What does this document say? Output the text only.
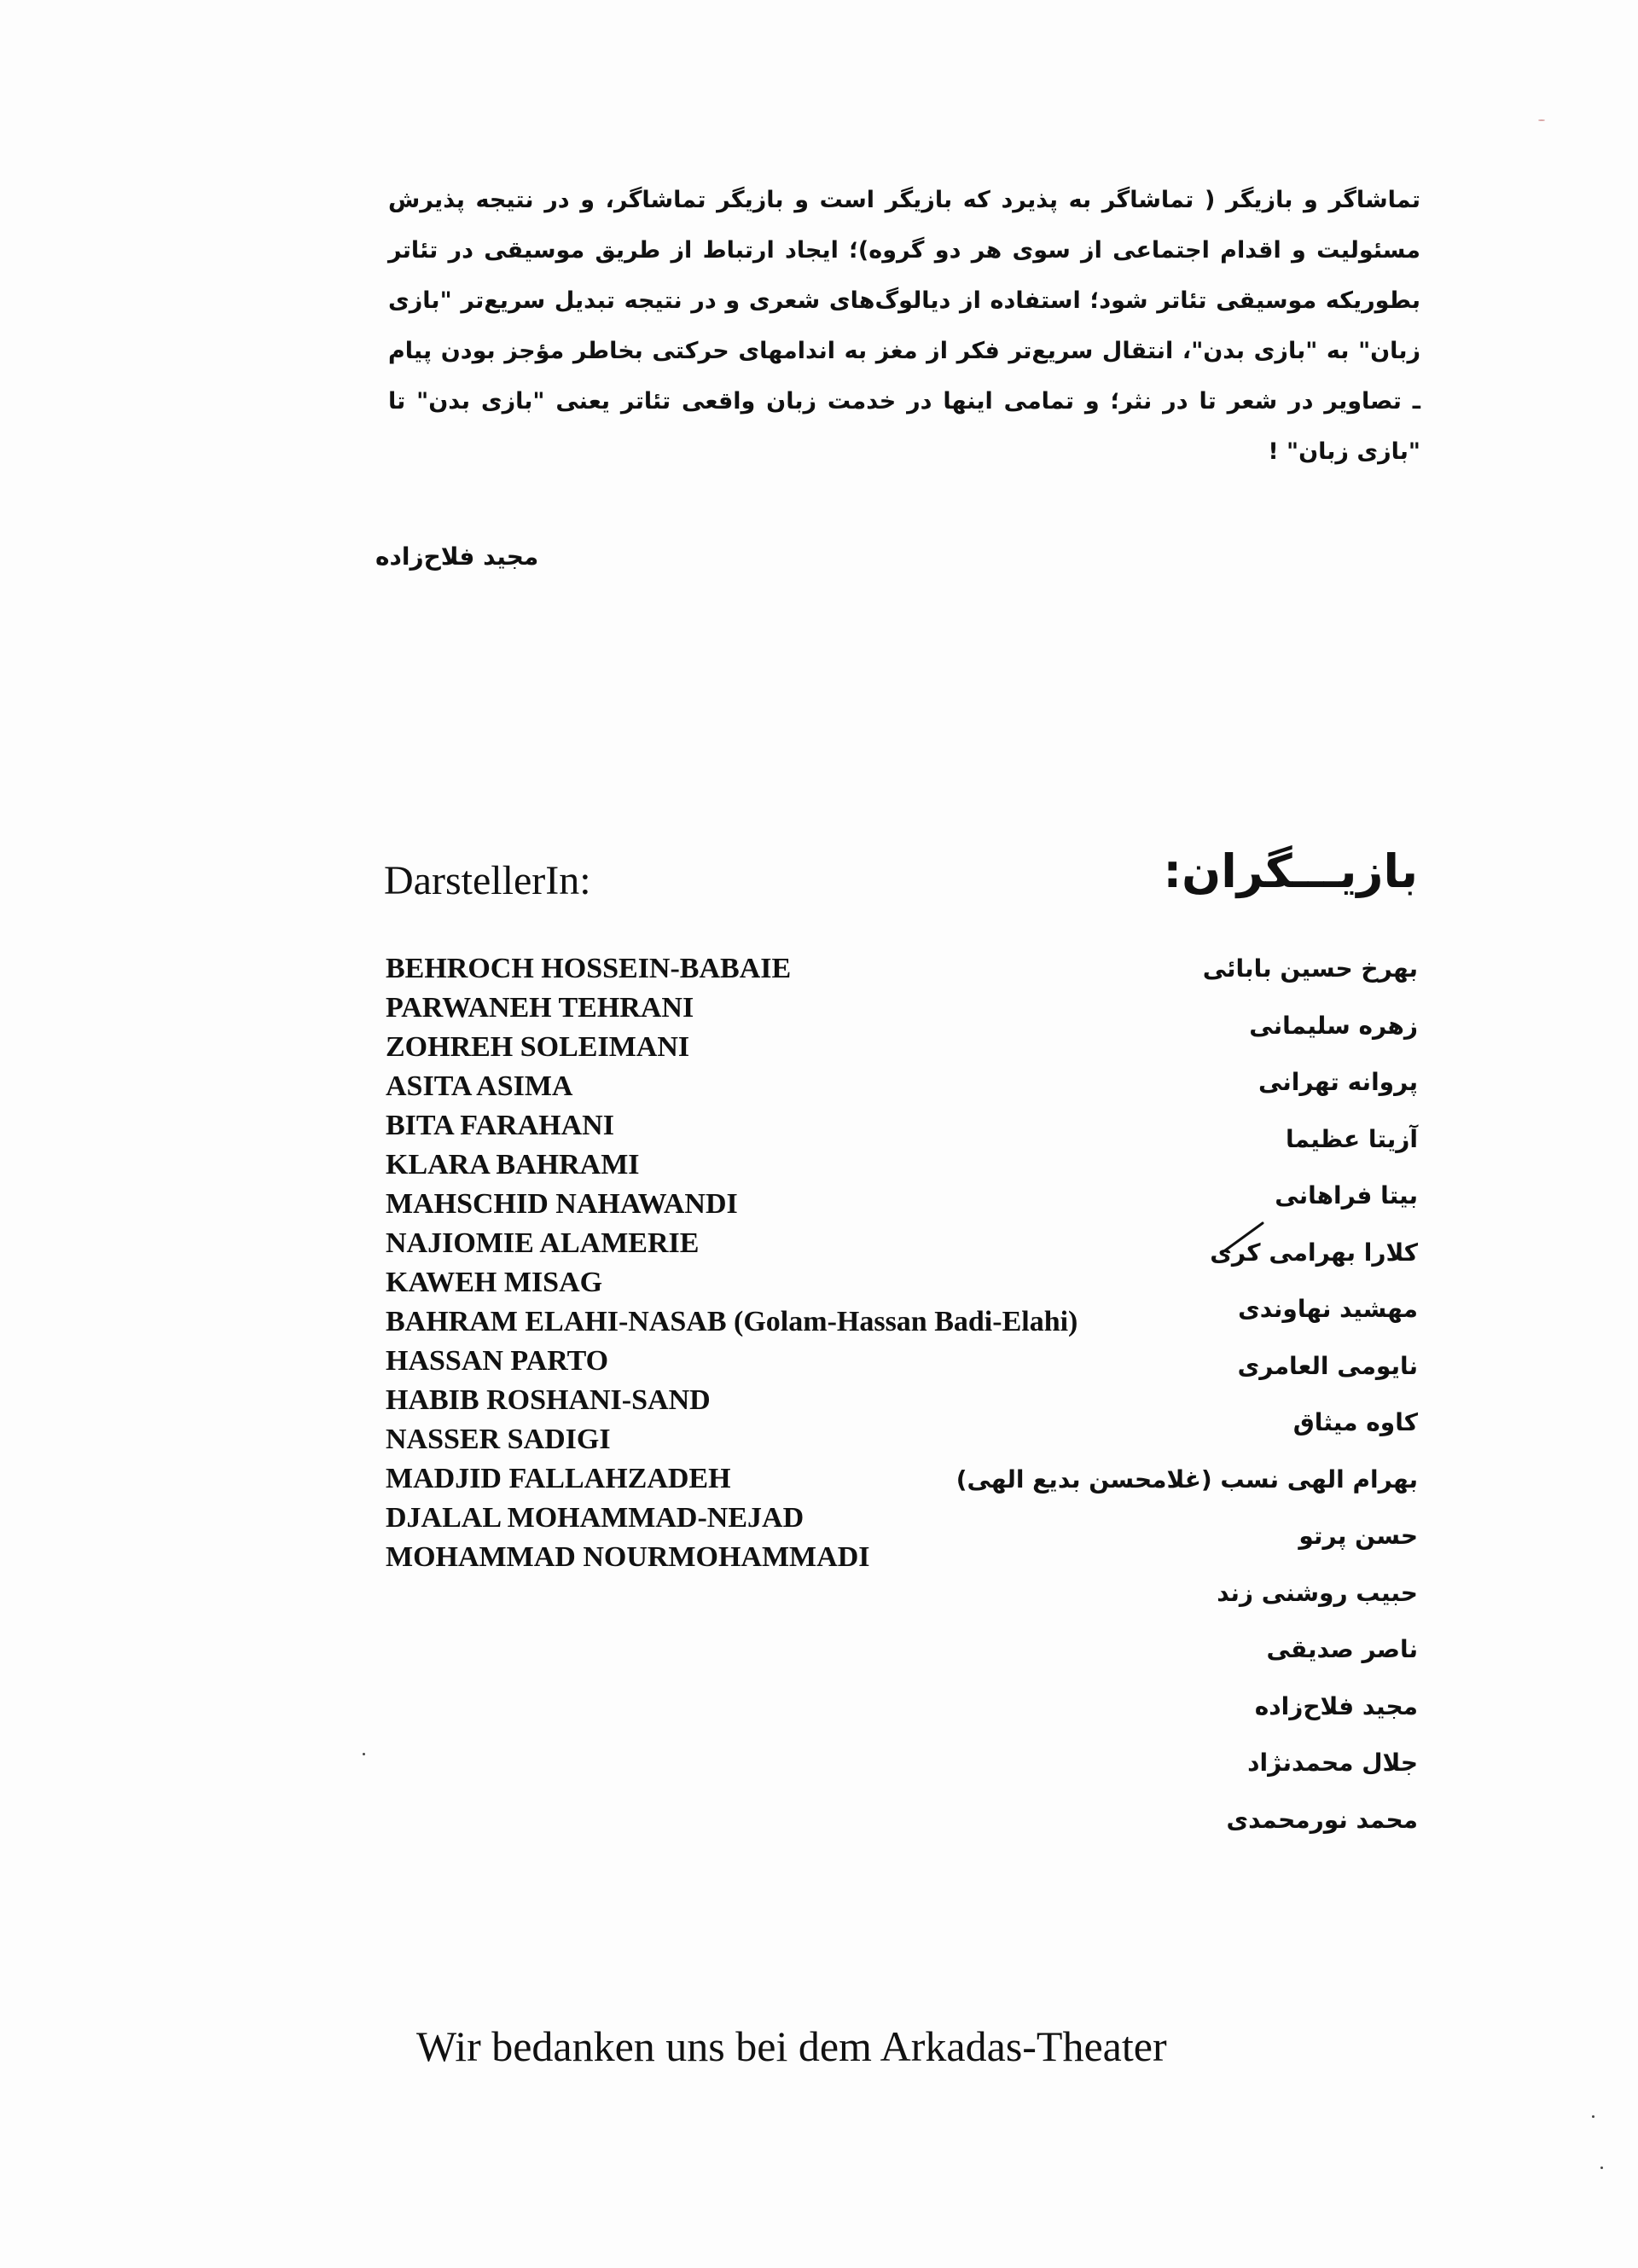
تماشاگر و بازیگر ( تماشاگر به پذیرد که بازیگر است و بازیگر تماشاگر، و در نتیجه پذیرش مسئولیت و اقدام اجتماعی از سوی هر دو گروه)؛ ایجاد ارتباط از طریق موسیقی در تئاتر بطوریکه موسیقی تئاتر شود؛ استفاده از دیالوگ‌های شعری و در نتیجه تبدیل سریع‌تر "بازی زبان" به "بازی بدن"، انتقال سریع‌تر فکر از مغز به اندامهای حرکتی بخاطر مؤجز بودن پیام ـ تصاویر در شعر تا در نثر؛ و تمامی اینها در خدمت زبان واقعی تئاتر یعنی "بازی بدن" تا "بازی زبان" !

مجید فلاح‌زاده
DarstellerIn:	بازیـــگران:
BEHROCH HOSSEIN-BABAIE
PARWANEH TEHRANI
ZOHREH SOLEIMANI
ASITA ASIMA
BITA FARAHANI
KLARA BAHRAMI
MAHSCHID NAHAWANDI
NAJIOMIE ALAMERIE
KAWEH MISAG
BAHRAM ELAHI-NASAB (Golam-Hassan Badi-Elahi)
HASSAN PARTO
HABIB ROSHANI-SAND
NASSER SADIGI
MADJID FALLAHZADEH
DJALAL MOHAMMAD-NEJAD
MOHAMMAD NOURMOHAMMADI
بهرخ حسین بابائی
زهره سلیمانی
پروانه تهرانی
آزیتا عظیما
بیتا فراهانی
کلارا بهرامی کری
مهشید نهاوندی
نایومی العامری
کاوه میثاق
بهرام الهی نسب (غلامحسن بدیع الهی)
حسن پرتو
حبیب روشنی زند
ناصر صدیقی
مجید فلاح‌زاده
جلال محمدنژاد
محمد نورمحمدی
Wir bedanken uns bei dem Arkadas-Theater
